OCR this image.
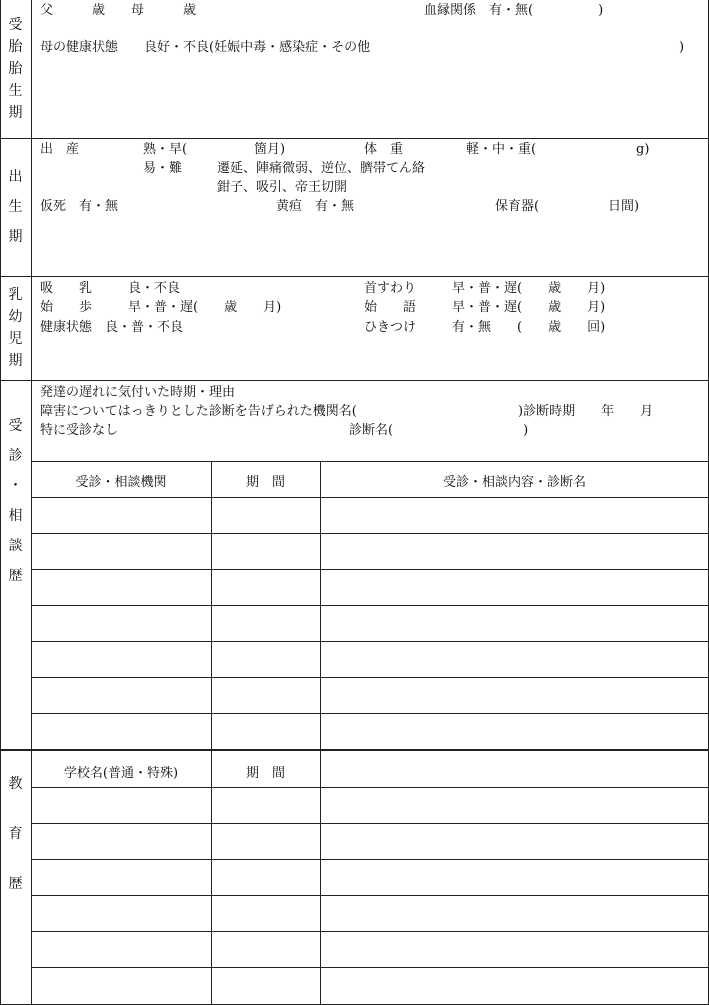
受
胎
胎
生
期
出
生
期
乳
幼
児
期
受
診
・
相
談
歴
教
育
歴
父　　　歳　　母　　　歳	血縁関係　有・無(　　　　　)
母の健康状態　　良好・不良(妊娠中毒・感染症・その他	)
出　産	熟・早(	箇月)	体　重	軽・中・重(	g)
易・難	遷延、陣痛微弱、逆位、臍帯てん絡
鉗子、吸引、帝王切開
仮死　有・無	黄疸　有・無	保育器(	日間)
吸　　乳	良・不良	首すわり	早・普・遅(　　歳　　月)
始　　歩	早・普・遅(　　歳　　月)	始　　語	早・普・遅(　　歳　　月)
健康状態　良・普・不良	ひきつけ	有・無　　(　　歳　　回)
発達の遅れに気付いた時期・理由
障害についてはっきりとした診断を告げられた機関名(	)診断時期　　年　　月
特に受診なし	診断名(　　　　　　　　　　)
受診・相談機関	期　間	受診・相談内容・診断名
学校名(普通・特殊)	期　間
